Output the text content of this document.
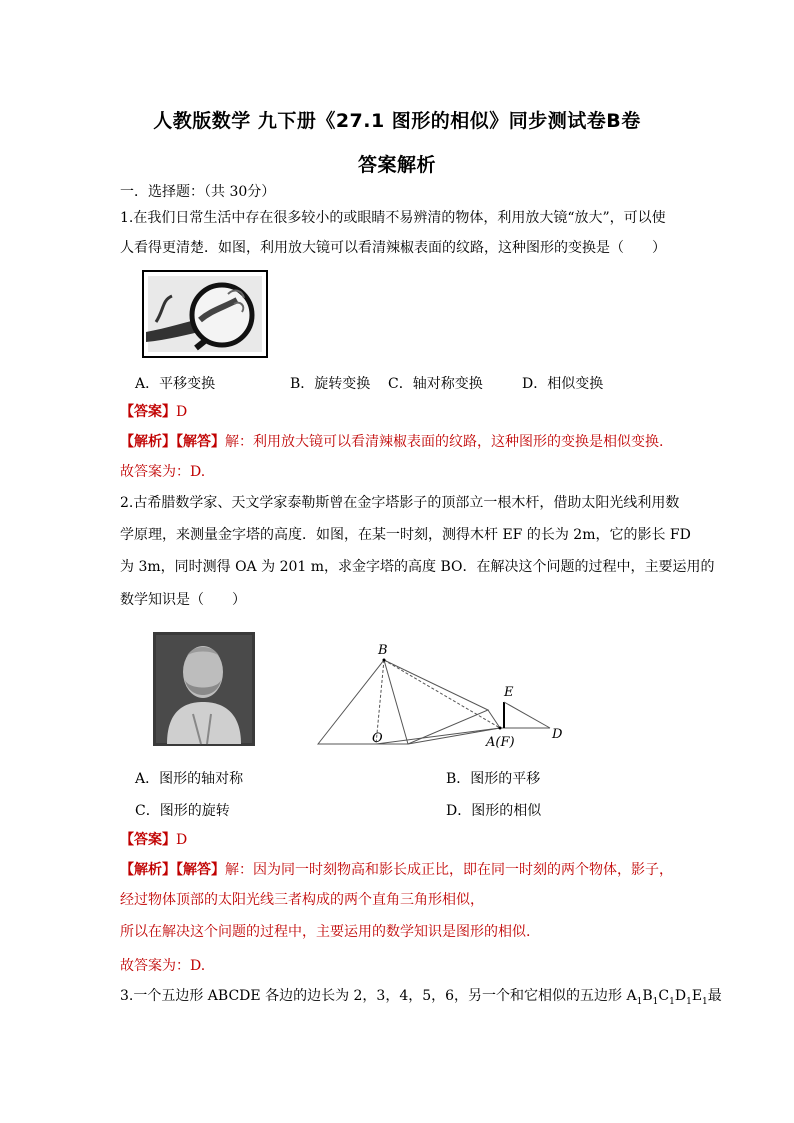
人教版数学 九下册《27.1 图形的相似》同步测试卷B卷
答案解析
一．选择题：（共 30分）
1.在我们日常生活中存在很多较小的或眼睛不易辨清的物体，利用放大镜“放大”，可以使
人看得更清楚．如图，利用放大镜可以看清辣椒表面的纹路，这种图形的变换是（　　）
A．平移变换	B．旋转变换 C．轴对称变换	D．相似变换
【答案】D
【解析】【解答】解：利用放大镜可以看清辣椒表面的纹路，这种图形的变换是相似变换.
故答案为：D.
2.古希腊数学家、天文学家泰勒斯曾在金字塔影子的顶部立一根木杆，借助太阳光线利用数
学原理，来测量金字塔的高度．如图，在某一时刻，测得木杆 EF 的长为 2m，它的影长 FD
为 3m，同时测得 OA 为 201 m，求金字塔的高度 BO．在解决这个问题的过程中，主要运用的
数学知识是（　　）
B
E
O	A(F)
D
A．图形的轴对称	B．图形的平移
C．图形的旋转	D．图形的相似
【答案】D
【解析】【解答】解：因为同一时刻物高和影长成正比，即在同一时刻的两个物体，影子，
经过物体顶部的太阳光线三者构成的两个直角三角形相似，
所以在解决这个问题的过程中，主要运用的数学知识是图形的相似.
故答案为：D.
3.一个五边形 ABCDE 各边的边长为 2，3，4，5，6，另一个和它相似的五边形 $A_1B_1C_1D_1E_1$最
